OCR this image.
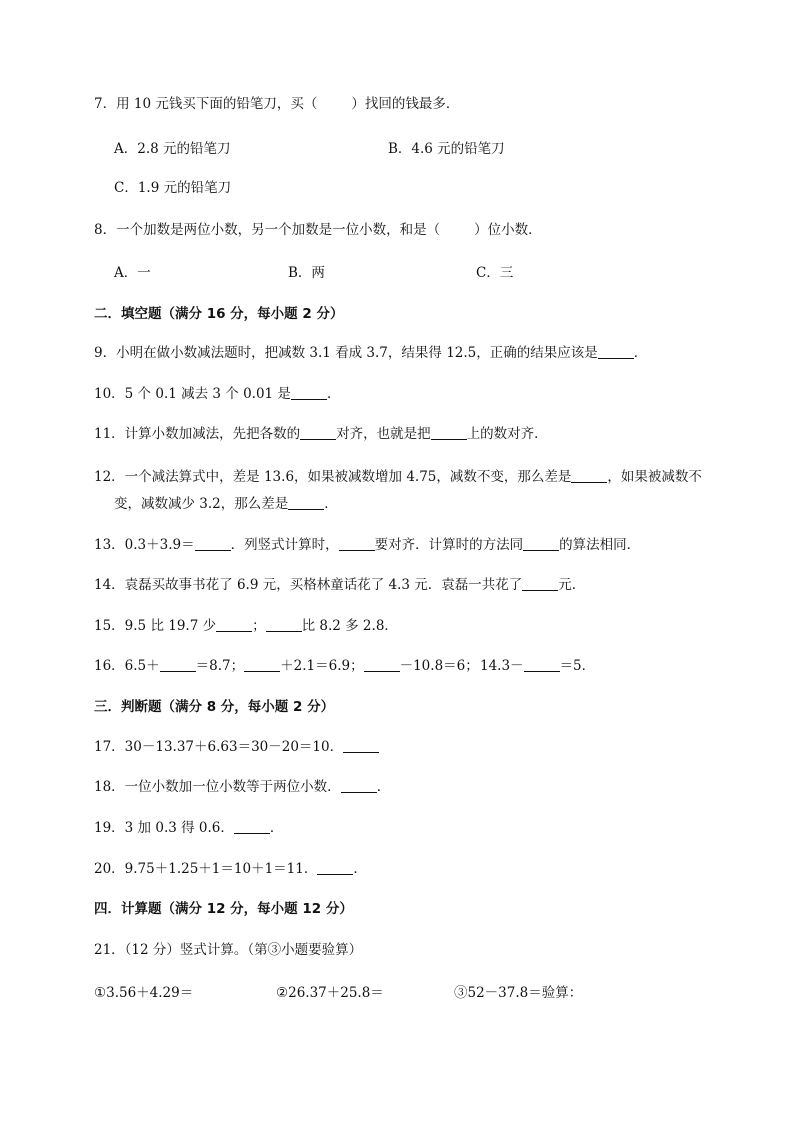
7．用 10 元钱买下面的铅笔刀，买（	）找回的钱最多．
A．2.8 元的铅笔刀	B．4.6 元的铅笔刀
C．1.9 元的铅笔刀
8．一个加数是两位小数，另一个加数是一位小数，和是（	）位小数．
A．一	B．两	C．三
二．填空题（满分 16 分，每小题 2 分）
9．小明在做小数减法题时，把减数 3.1 看成 3.7，结果得 12.5，正确的结果应该是	．
10．5 个 0.1 减去 3 个 0.01 是	．
11．计算小数加减法，先把各数的	对齐，也就是把	上的数对齐．
12．一个减法算式中，差是 13.6，如果被减数增加 4.75，减数不变，那么差是	，如果被减数不
变，减数减少 3.2，那么差是	．
13．0.3＋3.9＝	．列竖式计算时，	要对齐．计算时的方法同	的算法相同．
14．袁磊买故事书花了 6.9 元，买格林童话花了 4.3 元．袁磊一共花了	元．
15．9.5 比 19.7 少	；	比 8.2 多 2.8．
16．6.5＋	＝8.7；	＋2.1＝6.9；	－10.8＝6； 14.3－	＝5．
三．判断题（满分 8 分，每小题 2 分）
17．30－13.37＋6.63＝30－20＝10．
18．一位小数加一位小数等于两位小数．	．
19．3 加 0.3 得 0.6．	．
20．9.75＋1.25＋1＝10＋1＝11．	．
四．计算题（满分 12 分，每小题 12 分）
21．（12 分）竖式计算。（第③小题要验算）
①3.56＋4.29＝	②26.37＋25.8＝	③52－37.8＝验算：
